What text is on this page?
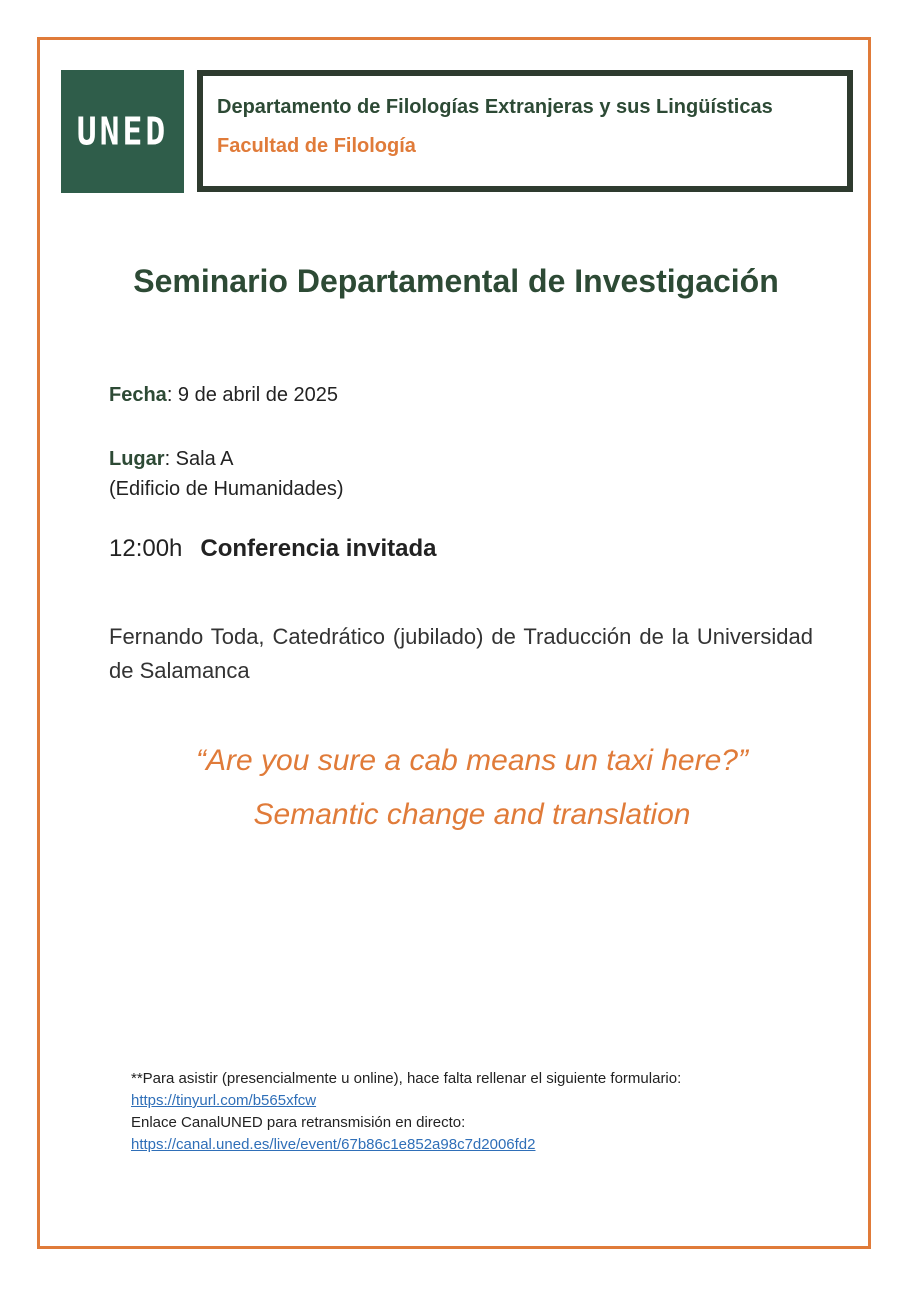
UNED
Departamento de Filologías Extranjeras y sus Lingüísticas
Facultad de Filología
Seminario Departamental de Investigación
Fecha: 9 de abril de 2025
Lugar: Sala A
(Edificio de Humanidades)
12:00h Conferencia invitada
Fernando Toda, Catedrático (jubilado) de Traducción de la Universidad de Salamanca
“Are you sure a cab means un taxi here?”
Semantic change and translation
**Para asistir (presencialmente u online), hace falta rellenar el siguiente formulario:
https://tinyurl.com/b565xfcw
Enlace CanalUNED para retransmisión en directo:
https://canal.uned.es/live/event/67b86c1e852a98c7d2006fd2
